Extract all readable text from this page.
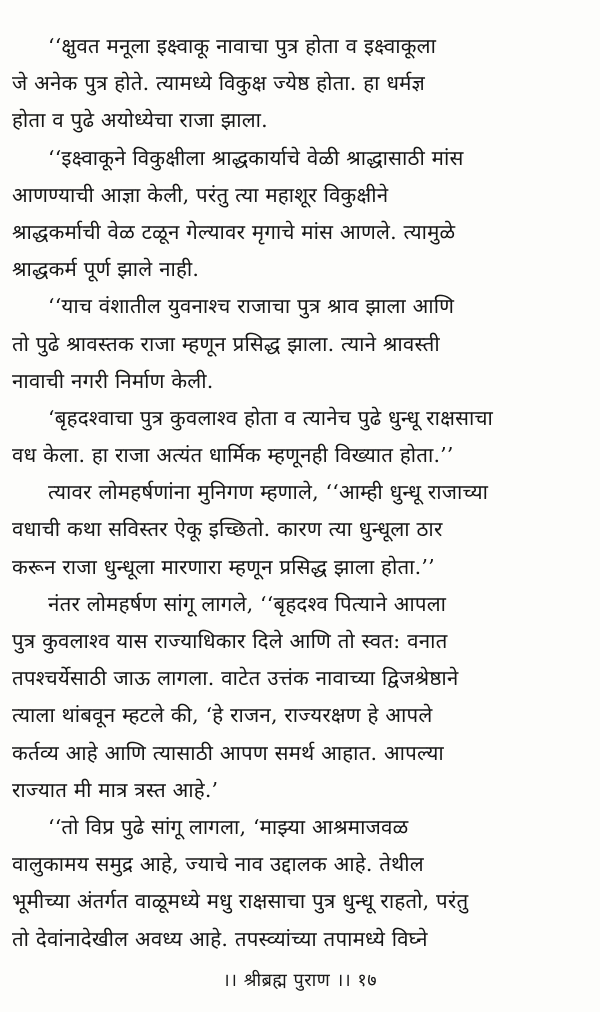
‘‘क्षुवत मनूला इक्ष्वाकू नावाचा पुत्र होता व इक्ष्वाकूला
जे अनेक पुत्र होते. त्यामध्ये विकुक्ष ज्येष्ठ होता. हा धर्मज्ञ
होता व पुढे अयोध्येचा राजा झाला.
‘‘इक्ष्वाकूने विकुक्षीला श्राद्धकार्याचे वेळी श्राद्धासाठी मांस
आणण्याची आज्ञा केली, परंतु त्या महाशूर विकुक्षीने
श्राद्धकर्माची वेळ टळून गेल्यावर मृगाचे मांस आणले. त्यामुळे
श्राद्धकर्म पूर्ण झाले नाही.
‘‘याच वंशातील युवनाश्च राजाचा पुत्र श्राव झाला आणि
तो पुढे श्रावस्तक राजा म्हणून प्रसिद्ध झाला. त्याने श्रावस्ती
नावाची नगरी निर्माण केली.
‘बृहदश्वाचा पुत्र कुवलाश्व होता व त्यानेच पुढे धुन्धू राक्षसाचा
वध केला. हा राजा अत्यंत धार्मिक म्हणूनही विख्यात होता.’’
त्यावर लोमहर्षणांना मुनिगण म्हणाले, ‘‘आम्ही धुन्धू राजाच्या
वधाची कथा सविस्तर ऐकू इच्छितो. कारण त्या धुन्धूला ठार
करून राजा धुन्धूला मारणारा म्हणून प्रसिद्ध झाला होता.’’
नंतर लोमहर्षण सांगू लागले, ‘‘बृहदश्व पित्याने आपला
पुत्र कुवलाश्व यास राज्याधिकार दिले आणि तो स्वत: वनात
तपश्चर्येसाठी जाऊ लागला. वाटेत उत्तंक नावाच्या द्विजश्रेष्ठाने
त्याला थांबवून म्हटले की, ‘हे राजन, राज्यरक्षण हे आपले
कर्तव्य आहे आणि त्यासाठी आपण समर्थ आहात. आपल्या
राज्यात मी मात्र त्रस्त आहे.’
‘‘तो विप्र पुढे सांगू लागला, ‘माझ्या आश्रमाजवळ
वालुकामय समुद्र आहे, ज्याचे नाव उद्दालक आहे. तेथील
भूमीच्या अंतर्गत वाळूमध्ये मधु राक्षसाचा पुत्र धुन्धू राहतो, परंतु
तो देवांनादेखील अवध्य आहे. तपस्व्यांच्या तपामध्ये विघ्ने
।। श्रीब्रह्म पुराण ।। १७
